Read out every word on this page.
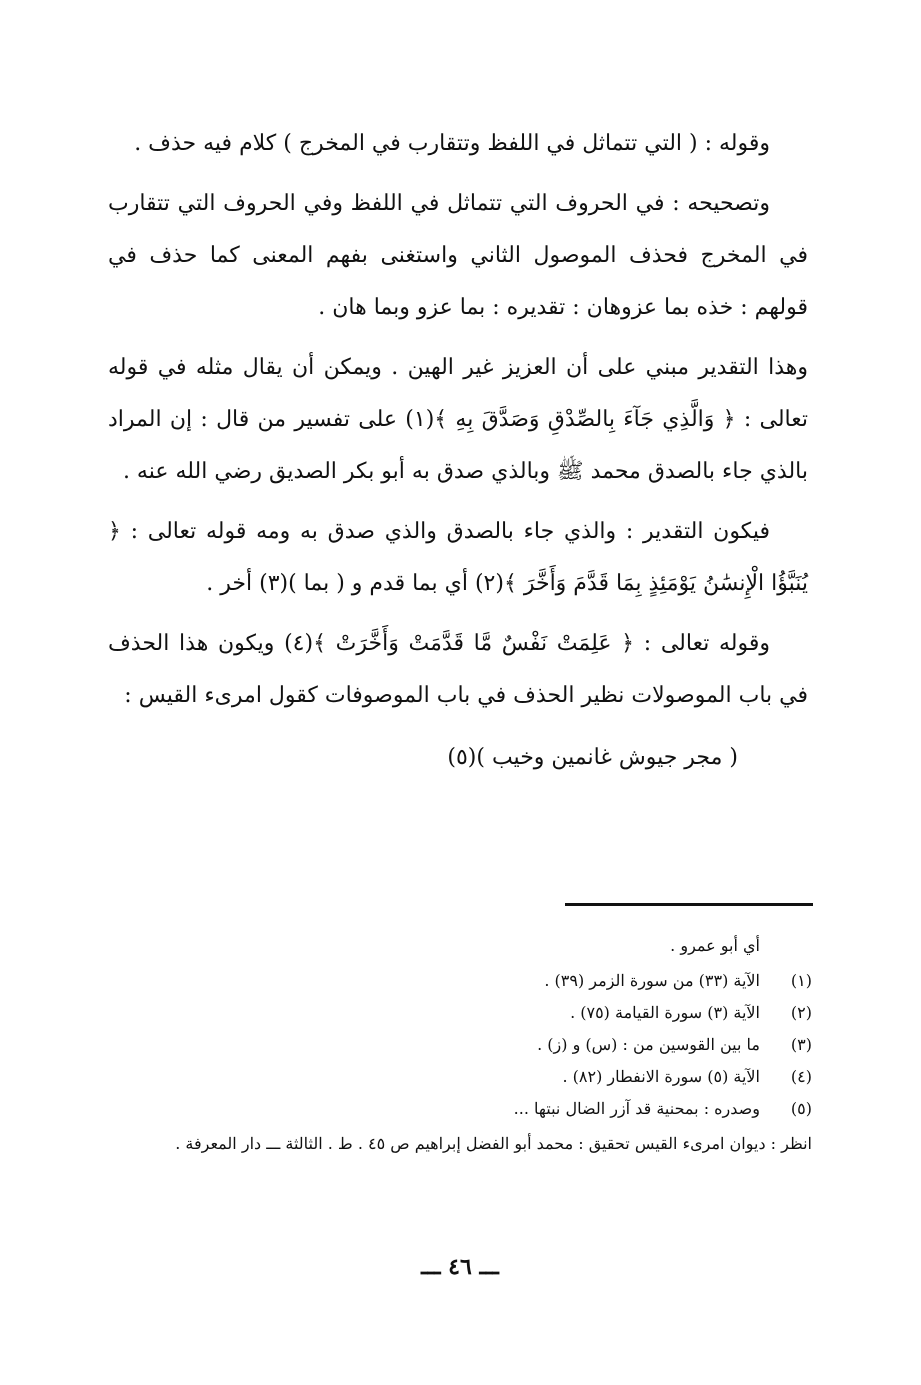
وقوله : ( التي تتماثل في اللفظ وتتقارب في المخرج ) كلام فيه حذف .

وتصحيحه : في الحروف التي تتماثل في اللفظ وفي الحروف التي تتقارب في المخرج فحذف الموصول الثاني واستغنى بفهم المعنى كما حذف في قولهم : خذه بما عزوهان : تقديره : بما عزو وبما هان .

وهذا التقدير مبني على أن العزيز غير الهين . ويمكن أن يقال مثله في قوله تعالى : ﴿ وَالَّذِي جَآءَ بِالصِّدْقِ وَصَدَّقَ بِهِ ﴾(١) على تفسير من قال : إن المراد بالذي جاء بالصدق محمد ﷺ وبالذي صدق به أبو بكر الصديق رضي الله عنه .

فيكون التقدير : والذي جاء بالصدق والذي صدق به ومه قوله تعالى : ﴿ يُنَبَّؤُا الْإِنسَٰنُ يَوْمَئِذٍ بِمَا قَدَّمَ وَأَخَّرَ ﴾(٢) أي بما قدم و ( بما )(٣) أخر .

وقوله تعالى : ﴿ عَلِمَتْ نَفْسٌ مَّا قَدَّمَتْ وَأَخَّرَتْ ﴾(٤) ويكون هذا الحذف في باب الموصولات نظير الحذف في باب الموصوفات كقول امرىء القيس :

( مجر جيوش غانمين وخيب )(٥)

أي أبو عمرو .

(١)
الآية (٣٣) من سورة الزمر (٣٩) .
(٢)
الآية (٣) سورة القيامة (٧٥) .
(٣)
ما بين القوسين من : (س) و (ز) .
(٤)
الآية (٥) سورة الانفطار (٨٢) .
(٥)
وصدره : بمحنية قد آزر الضال نبتها ...

انظر : ديوان امرىء القيس تحقيق : محمد أبو الفضل إبراهيم ص ٤٥ . ط . الثالثة ـــ دار المعرفة .

ـــ ٤٦ ـــ
